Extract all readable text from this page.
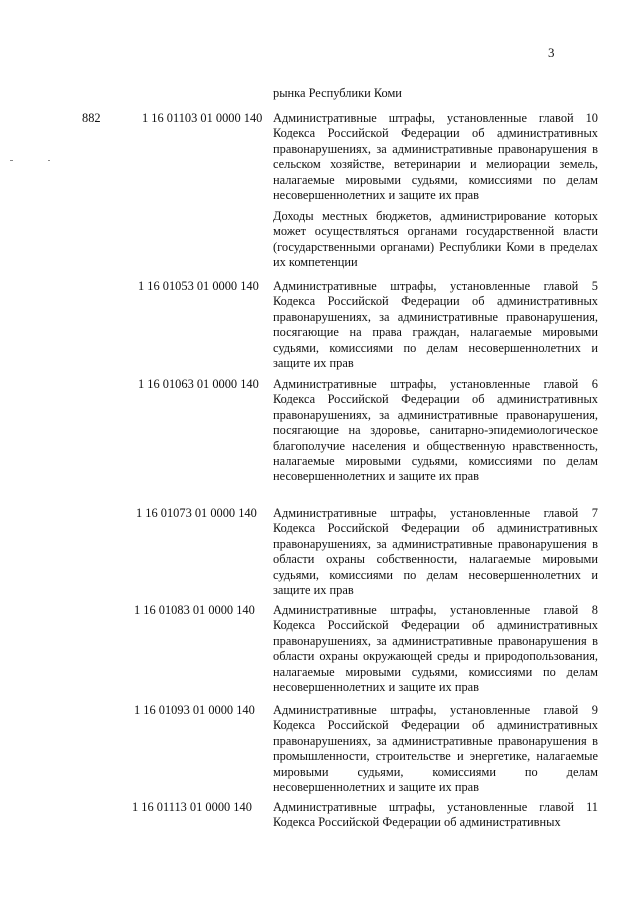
3

рынка Республики Коми

882	1 16 01103 01 0000 140 Административные штрафы, установленные главой 10 Кодекса Российской Федерации об административных правонарушениях, за административные правонарушения в сельском хозяйстве, ветеринарии и мелиорации земель, налагаемые мировыми судьями, комиссиями по делам несовершеннолетних и защите их прав

Доходы местных бюджетов, администрирование которых может осуществляться органами государственной власти (государственными органами) Республики Коми в пределах их компетенции

1 16 01053 01 0000 140 Административные штрафы, установленные главой 5 Кодекса Российской Федерации об административных правонарушениях, за административные правонарушения, посягающие на права граждан, налагаемые мировыми судьями, комиссиями по делам несовершеннолетних и защите их прав

1 16 01063 01 0000 140 Административные штрафы, установленные главой 6 Кодекса Российской Федерации об административных правонарушениях, за административные правонарушения, посягающие на здоровье, санитарно-эпидемиологическое благополучие населения и общественную нравственность, налагаемые мировыми судьями, комиссиями по делам несовершеннолетних и защите их прав

1 16 01073 01 0000 140 Административные штрафы, установленные главой 7 Кодекса Российской Федерации об административных правонарушениях, за административные правонарушения в области охраны собственности, налагаемые мировыми судьями, комиссиями по делам несовершеннолетних и защите их прав

1 16 01083 01 0000 140 Административные штрафы, установленные главой 8 Кодекса Российской Федерации об административных правонарушениях, за административные правонарушения в области охраны окружающей среды и природопользования, налагаемые мировыми судьями, комиссиями по делам несовершеннолетних и защите их прав

1 16 01093 01 0000 140 Административные штрафы, установленные главой 9 Кодекса Российской Федерации об административных правонарушениях, за административные правонарушения в промышленности, строительстве и энергетике, налагаемые мировыми судьями, комиссиями по делам несовершеннолетних и защите их прав

1 16 01113 01 0000 140 Административные штрафы, установленные главой 11 Кодекса Российской Федерации об административных
